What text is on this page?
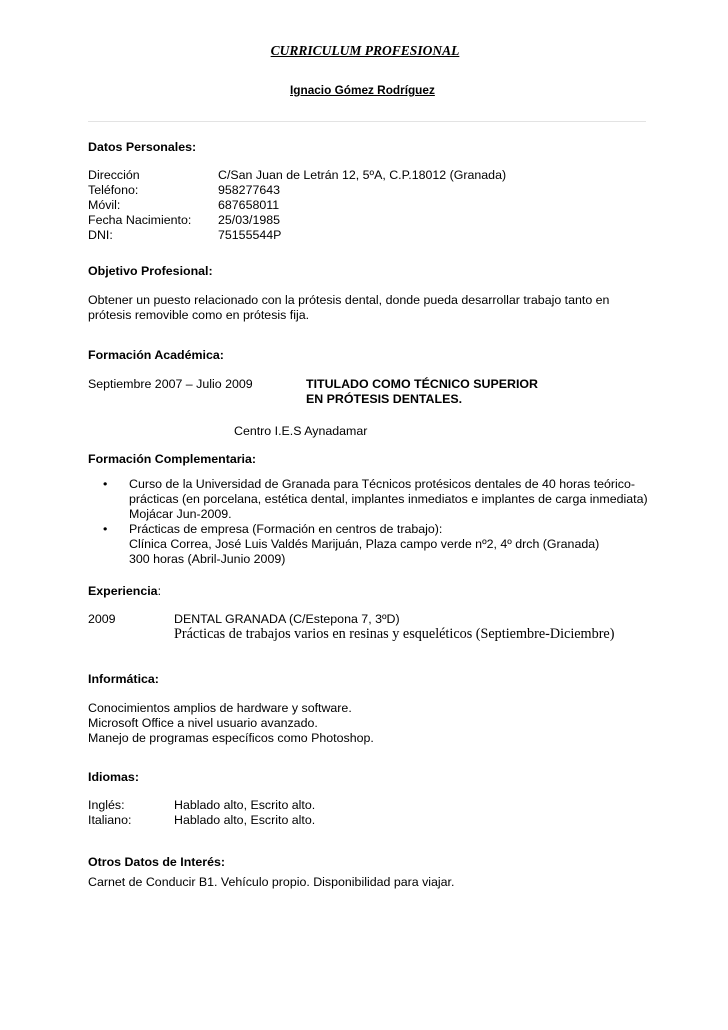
CURRICULUM PROFESIONAL
Ignacio Gómez Rodríguez
Datos Personales:
Dirección	C/San Juan de Letrán 12, 5ºA, C.P.18012 (Granada)
Teléfono:	958277643
Móvil:	687658011
Fecha Nacimiento:	25/03/1985
DNI:	75155544P
Objetivo Profesional:
Obtener un puesto relacionado con la prótesis dental, donde pueda desarrollar trabajo tanto en
prótesis removible como en prótesis fija.
Formación Académica:
Septiembre 2007 – Julio 2009	TITULADO COMO TÉCNICO SUPERIOR
EN PRÓTESIS DENTALES.
Centro I.E.S Aynadamar
Formación Complementaria:
• Curso de la Universidad de Granada para Técnicos protésicos dentales de 40 horas teórico-
prácticas (en porcelana, estética dental, implantes inmediatos e implantes de carga inmediata)
Mojácar Jun-2009.
• Prácticas de empresa (Formación en centros de trabajo):
Clínica Correa, José Luis Valdés Marijuán, Plaza campo verde nº2, 4º drch (Granada)
300 horas (Abril-Junio 2009)
Experiencia:
2009	DENTAL GRANADA (C/Estepona 7, 3ºD)
Prácticas de trabajos varios en resinas y esqueléticos (Septiembre-Diciembre)
Informática:
Conocimientos amplios de hardware y software.
Microsoft Office a nivel usuario avanzado.
Manejo de programas específicos como Photoshop.
Idiomas:
Inglés:	Hablado alto, Escrito alto.
Italiano:	Hablado alto, Escrito alto.
Otros Datos de Interés:
Carnet de Conducir B1. Vehículo propio. Disponibilidad para viajar.
